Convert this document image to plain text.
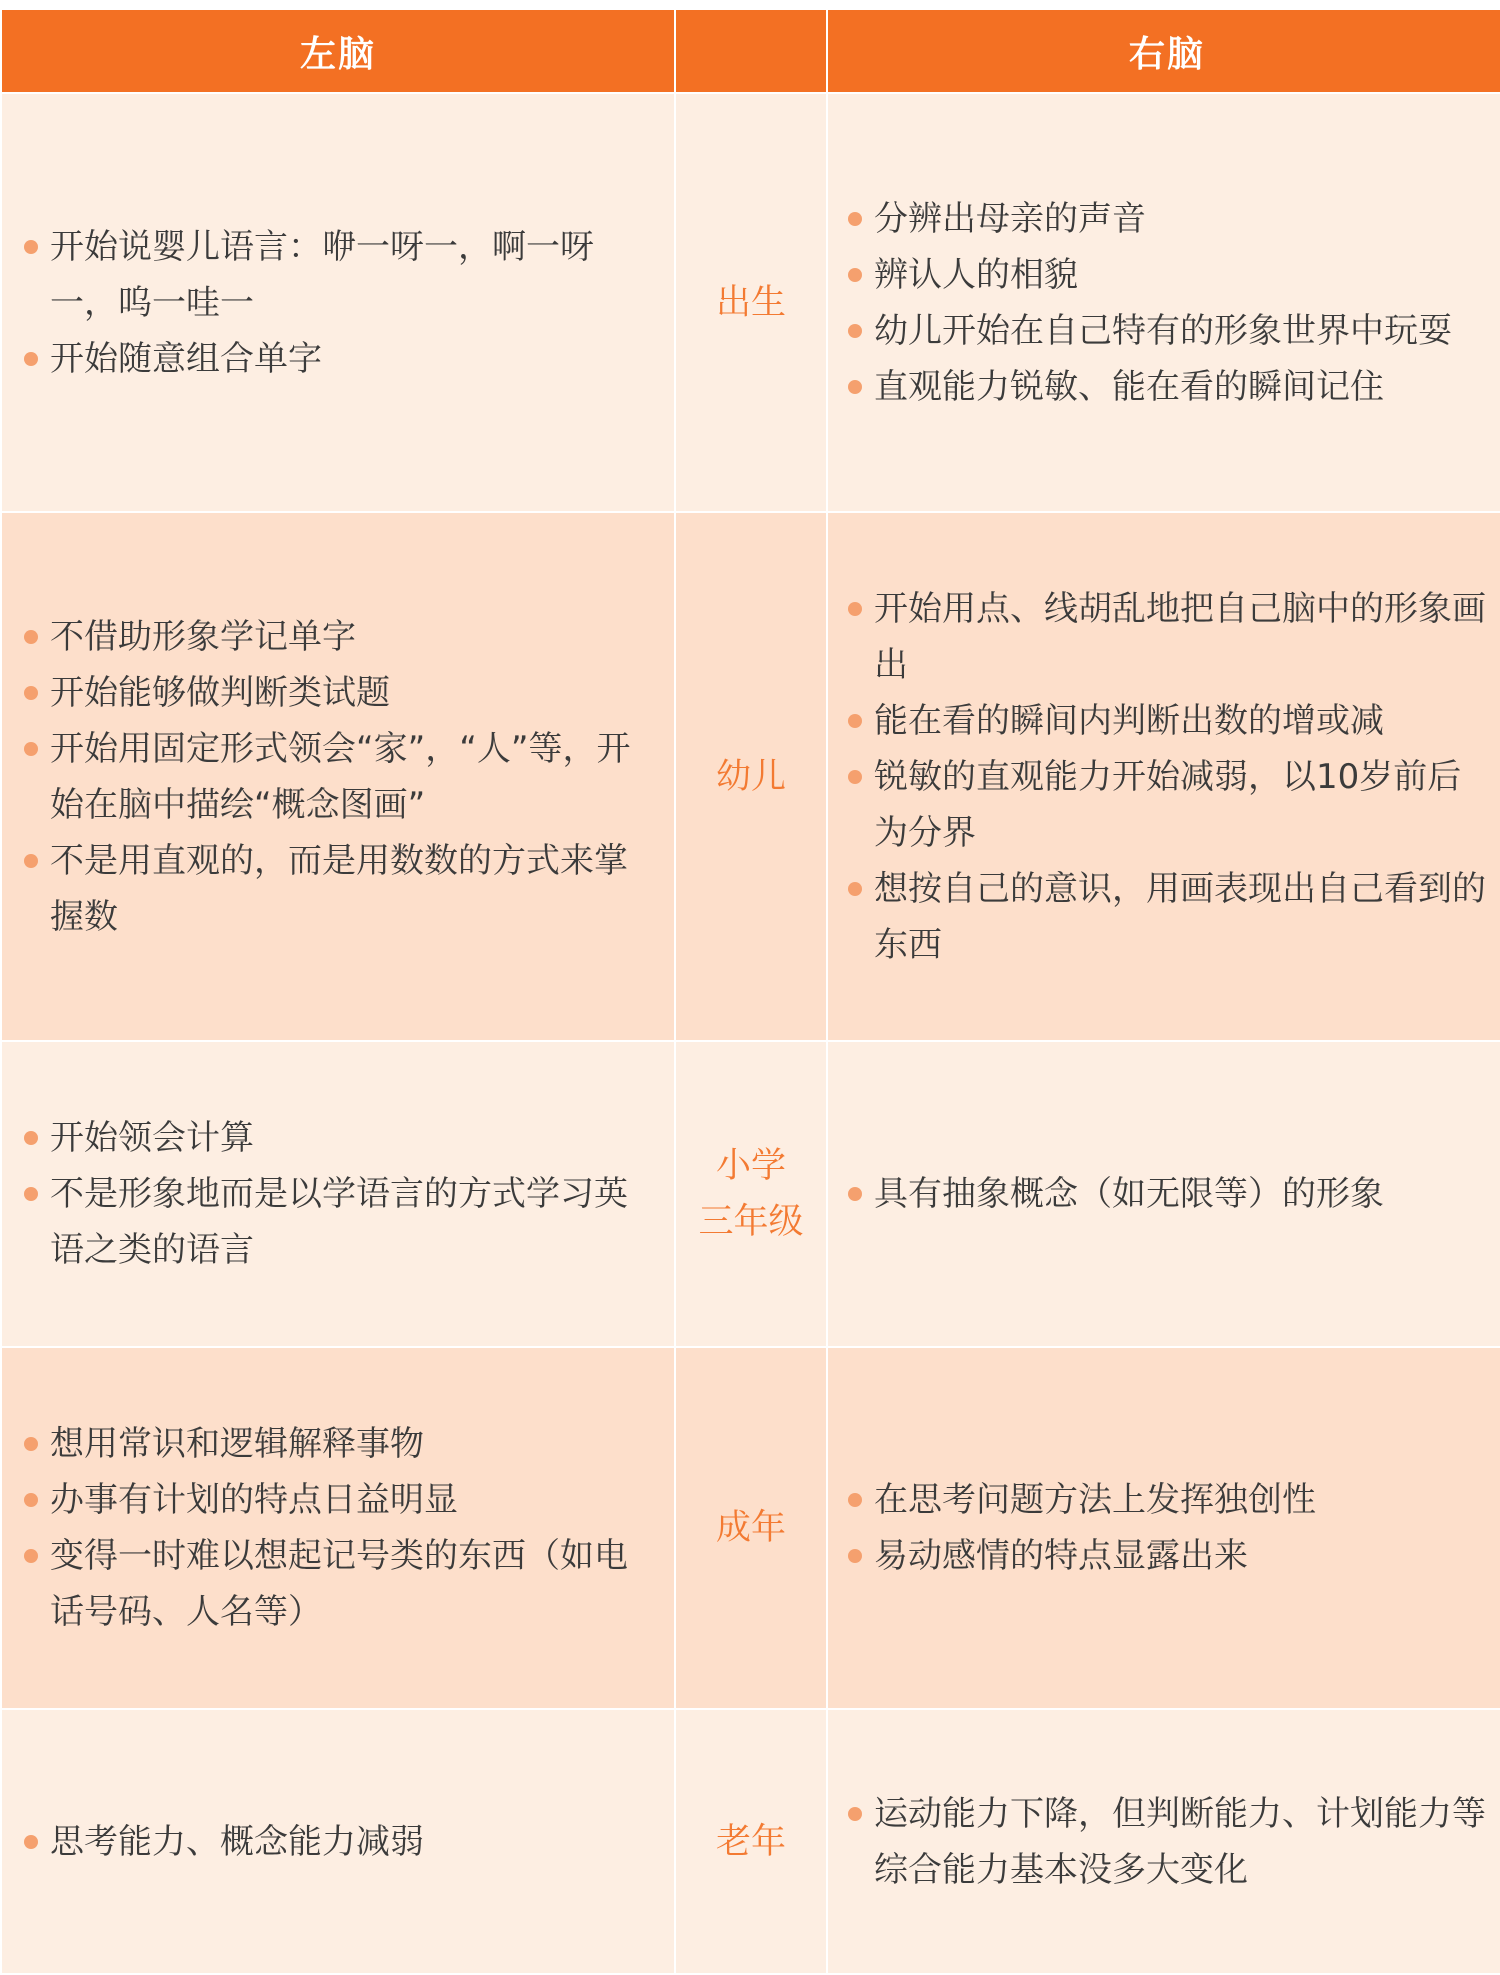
左脑	右脑
开始说婴儿语言：咿一呀一，啊一呀一，呜一哇一
开始随意组合单字
出生
分辨出母亲的声音
辨认人的相貌
幼儿开始在自己特有的形象世界中玩耍
直观能力锐敏、能在看的瞬间记住
不借助形象学记单字
开始能够做判断类试题
开始用固定形式领会“家”，“人”等，开始在脑中描绘“概念图画”
不是用直观的，而是用数数的方式来掌握数
幼儿
开始用点、线胡乱地把自己脑中的形象画出
能在看的瞬间内判断出数的增或减
锐敏的直观能力开始减弱，以10岁前后为分界
想按自己的意识，用画表现出自己看到的东西
开始领会计算
不是形象地而是以学语言的方式学习英语之类的语言
小学
三年级
具有抽象概念（如无限等）的形象
想用常识和逻辑解释事物
办事有计划的特点日益明显
变得一时难以想起记号类的东西（如电话号码、人名等）
成年
在思考问题方法上发挥独创性
易动感情的特点显露出来
思考能力、概念能力减弱	老年
运动能力下降，但判断能力、计划能力等综合能力基本没多大变化
